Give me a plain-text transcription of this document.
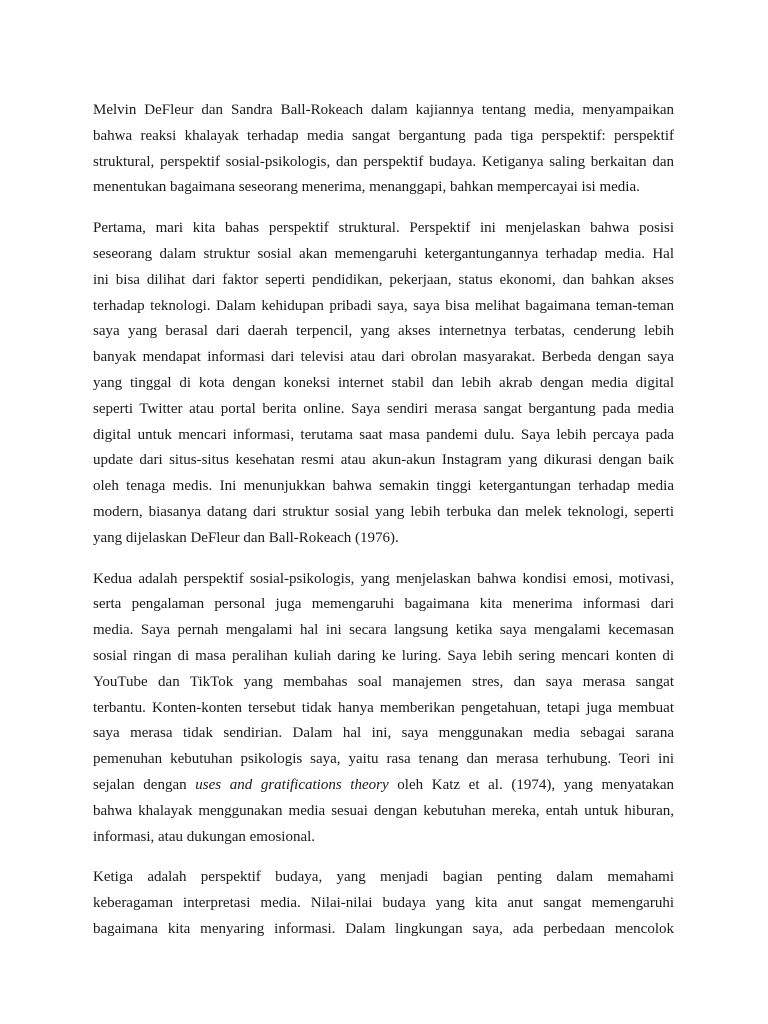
Melvin DeFleur dan Sandra Ball-Rokeach dalam kajiannya tentang media, menyampaikan
bahwa reaksi khalayak terhadap media sangat bergantung pada tiga perspektif: perspektif
struktural, perspektif sosial-psikologis, dan perspektif budaya. Ketiganya saling berkaitan dan
menentukan bagaimana seseorang menerima, menanggapi, bahkan mempercayai isi media.

Pertama, mari kita bahas perspektif struktural. Perspektif ini menjelaskan bahwa posisi
seseorang dalam struktur sosial akan memengaruhi ketergantungannya terhadap media. Hal
ini bisa dilihat dari faktor seperti pendidikan, pekerjaan, status ekonomi, dan bahkan akses
terhadap teknologi. Dalam kehidupan pribadi saya, saya bisa melihat bagaimana teman-teman
saya yang berasal dari daerah terpencil, yang akses internetnya terbatas, cenderung lebih
banyak mendapat informasi dari televisi atau dari obrolan masyarakat. Berbeda dengan saya
yang tinggal di kota dengan koneksi internet stabil dan lebih akrab dengan media digital
seperti Twitter atau portal berita online. Saya sendiri merasa sangat bergantung pada media
digital untuk mencari informasi, terutama saat masa pandemi dulu. Saya lebih percaya pada
update dari situs-situs kesehatan resmi atau akun-akun Instagram yang dikurasi dengan baik
oleh tenaga medis. Ini menunjukkan bahwa semakin tinggi ketergantungan terhadap media
modern, biasanya datang dari struktur sosial yang lebih terbuka dan melek teknologi, seperti
yang dijelaskan DeFleur dan Ball-Rokeach (1976).

Kedua adalah perspektif sosial-psikologis, yang menjelaskan bahwa kondisi emosi, motivasi,
serta pengalaman personal juga memengaruhi bagaimana kita menerima informasi dari
media. Saya pernah mengalami hal ini secara langsung ketika saya mengalami kecemasan
sosial ringan di masa peralihan kuliah daring ke luring. Saya lebih sering mencari konten di
YouTube dan TikTok yang membahas soal manajemen stres, dan saya merasa sangat
terbantu. Konten-konten tersebut tidak hanya memberikan pengetahuan, tetapi juga membuat
saya merasa tidak sendirian. Dalam hal ini, saya menggunakan media sebagai sarana
pemenuhan kebutuhan psikologis saya, yaitu rasa tenang dan merasa terhubung. Teori ini
sejalan dengan uses and gratifications theory oleh Katz et al. (1974), yang menyatakan
bahwa khalayak menggunakan media sesuai dengan kebutuhan mereka, entah untuk hiburan,
informasi, atau dukungan emosional.

Ketiga adalah perspektif budaya, yang menjadi bagian penting dalam memahami
keberagaman interpretasi media. Nilai-nilai budaya yang kita anut sangat memengaruhi
bagaimana kita menyaring informasi. Dalam lingkungan saya, ada perbedaan mencolok
